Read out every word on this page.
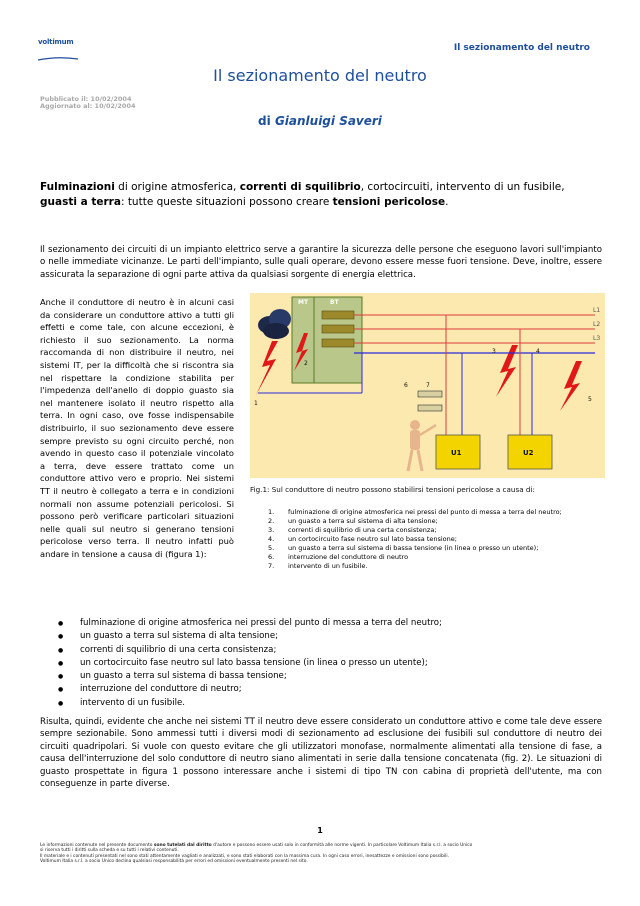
voltimum
Il sezionamento del neutro
Il sezionamento del neutro
Pubblicato il: 10/02/2004
Aggiornato al: 10/02/2004
di Gianluigi Saveri
Fulminazioni di origine atmosferica, correnti di squilibrio, cortocircuiti, intervento di un fusibile, guasti a terra: tutte queste situazioni possono creare tensioni pericolose.
Il sezionamento dei circuiti di un impianto elettrico serve a garantire la sicurezza delle persone che eseguono lavori sull'impianto o nelle immediate vicinanze. Le parti dell'impianto, sulle quali operare, devono essere messe fuori tensione. Deve, inoltre, essere assicurata la separazione di ogni parte attiva da qualsiasi sorgente di energia elettrica.
Anche il conduttore di neutro è in alcuni casi da considerare un conduttore attivo a tutti gli effetti e come tale, con alcune eccezioni, è richiesto il suo sezionamento. La norma raccomanda di non distribuire il neutro, nei sistemi IT, per la difficoltà che si riscontra sia nel rispettare la condizione stabilita per l'impedenza dell'anello di doppio guasto sia nel mantenere isolato il neutro rispetto alla terra. In ogni caso, ove fosse indispensabile distribuirlo, il suo sezionamento deve essere sempre previsto su ogni circuito perché, non avendo in questo caso il potenziale vincolato a terra, deve essere trattato come un conduttore attivo vero e proprio. Nei sistemi TT il neutro è collegato a terra e in condizioni normali non assume potenziali pericolosi. Si possono però verificare particolari situazioni nelle quali sul neutro si generano tensioni pericolose verso terra. Il neutro infatti può andare in tensione a causa di (figura 1):
MT	BT
L1
L2
L3
1
2
3	4
5
6	7
U1	U2
Fig.1: Sul conduttore di neutro possono stabilirsi tensioni pericolose a causa di:
1.	fulminazione di origine atmosferica nei pressi del punto di messa a terra del neutro;
2.	un guasto a terra sul sistema di alta tensione;
3.	correnti di squilibrio di una certa consistenza;
4.	un cortocircuito fase neutro sul lato bassa tensione;
5.	un guasto a terra sul sistema di bassa tensione (in linea o presso un utente);
6.	interruzione del conduttore di neutro
7.	intervento di un fusibile.
● fulminazione di origine atmosferica nei pressi del punto di messa a terra del neutro;
● un guasto a terra sul sistema di alta tensione;
● correnti di squilibrio di una certa consistenza;
● un cortocircuito fase neutro sul lato bassa tensione (in linea o presso un utente);
● un guasto a terra sul sistema di bassa tensione;
● interruzione del conduttore di neutro;
● intervento di un fusibile.
Risulta, quindi, evidente che anche nei sistemi TT il neutro deve essere considerato un conduttore attivo e come tale deve essere sempre sezionabile. Sono ammessi tutti i diversi modi di sezionamento ad esclusione dei fusibili sul conduttore di neutro dei circuiti quadripolari. Si vuole con questo evitare che gli utilizzatori monofase, normalmente alimentati alla tensione di fase, a causa dell'interruzione del solo conduttore di neutro siano alimentati in serie dalla tensione concatenata (fig. 2). Le situazioni di guasto prospettate in figura 1 possono interessare anche i sistemi di tipo TN con cabina di proprietà dell'utente, ma con conseguenze in parte diverse.
1
Le informazioni contenute nel presente documento sono tutelati dal diritto d'autore e possono essere usati solo in conformità alle norme vigenti. In particolare Voltimum Italia s.r.l. a socio Unico
si riserva tutti i diritti sulla scheda e su tutti i relativi contenuti.
Il materiale e i contenuti presentati nel sono stati attentamente vagliati e analizzati, e sono stati elaborati con la massima cura. In ogni caso errori, inesattezze e omissioni sono possibili.
Voltimum Italia s.r.l. a socio Unico declina qualsiasi responsabilità per errori ed omissioni eventualmente presenti nel sito.
